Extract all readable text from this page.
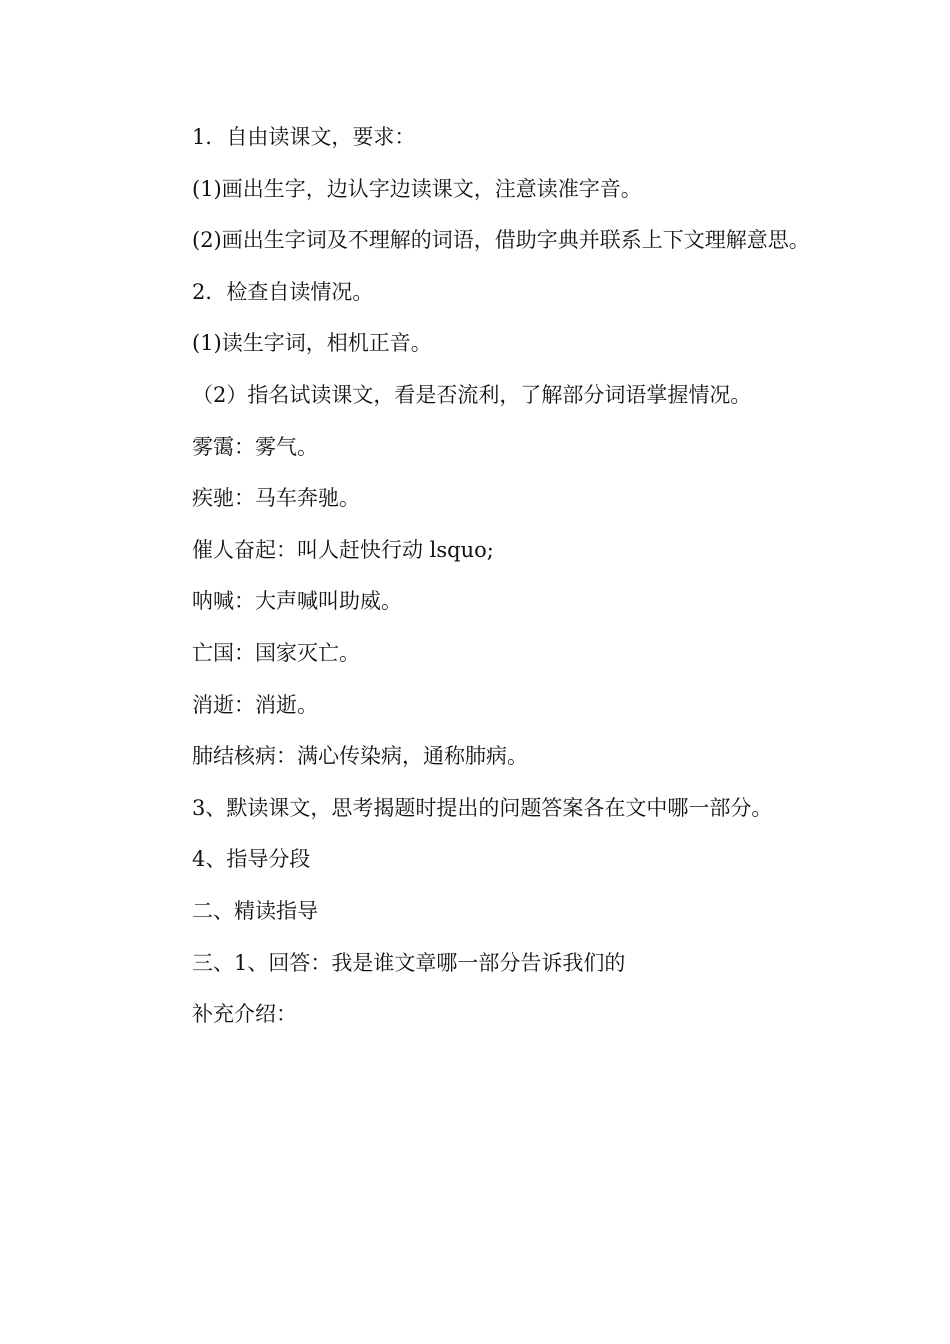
1．自由读课文，要求：

(1)画出生字，边认字边读课文，注意读准字音。

(2)画出生字词及不理解的词语，借助字典并联系上下文理解意思。

2．检查自读情况。

(1)读生字词，相机正音。

（2）指名试读课文，看是否流利，了解部分词语掌握情况。

雾霭：雾气。

疾驰：马车奔驰。

催人奋起：叫人赶快行动 lsquo;

呐喊：大声喊叫助威。

亡国：国家灭亡。

消逝：消逝。

肺结核病：满心传染病，通称肺病。

3、默读课文，思考揭题时提出的问题答案各在文中哪一部分。

4、指导分段

二、精读指导

三、1、回答：我是谁文章哪一部分告诉我们的

补充介绍：
